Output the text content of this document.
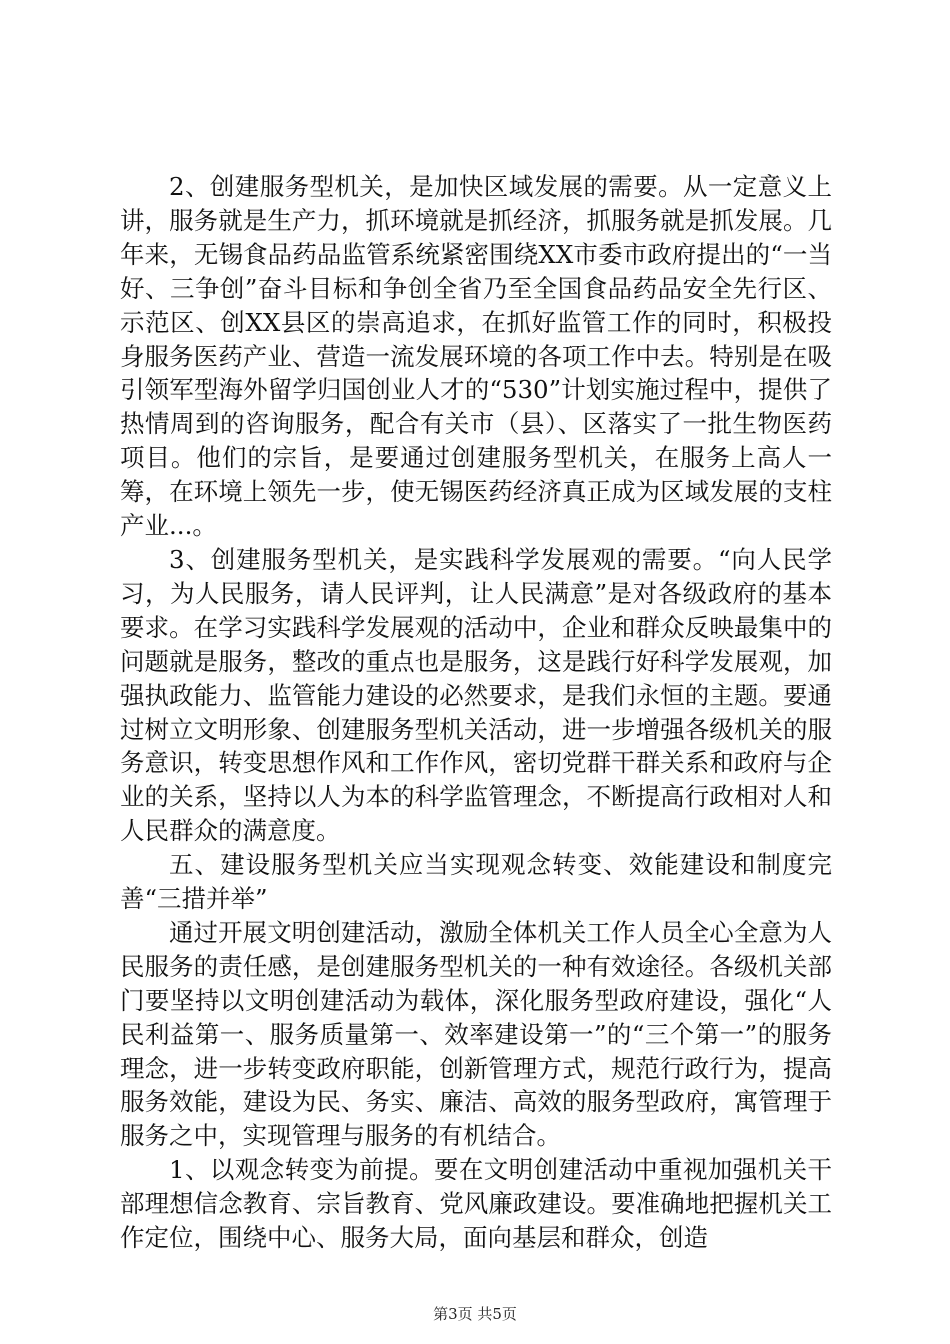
2、创建服务型机关，是加快区域发展的需要。从一定意义上讲，服务就是生产力，抓环境就是抓经济，抓服务就是抓发展。几年来，无锡食品药品监管系统紧密围绕XX市委市政府提出的“一当好、三争创”奋斗目标和争创全省乃至全国食品药品安全先行区、示范区、创XX县区的崇高追求，在抓好监管工作的同时，积极投身服务医药产业、营造一流发展环境的各项工作中去。特别是在吸引领军型海外留学归国创业人才的“530”计划实施过程中，提供了热情周到的咨询服务，配合有关市（县）、区落实了一批生物医药项目。他们的宗旨，是要通过创建服务型机关，在服务上高人一筹，在环境上领先一步，使无锡医药经济真正成为区域发展的支柱产业...。

3、创建服务型机关，是实践科学发展观的需要。“向人民学习，为人民服务，请人民评判，让人民满意”是对各级政府的基本要求。在学习实践科学发展观的活动中，企业和群众反映最集中的问题就是服务，整改的重点也是服务，这是践行好科学发展观，加强执政能力、监管能力建设的必然要求，是我们永恒的主题。要通过树立文明形象、创建服务型机关活动，进一步增强各级机关的服务意识，转变思想作风和工作作风，密切党群干群关系和政府与企业的关系，坚持以人为本的科学监管理念，不断提高行政相对人和人民群众的满意度。

五、建设服务型机关应当实现观念转变、效能建设和制度完善“三措并举”

通过开展文明创建活动，激励全体机关工作人员全心全意为人民服务的责任感，是创建服务型机关的一种有效途径。各级机关部门要坚持以文明创建活动为载体，深化服务型政府建设，强化“人民利益第一、服务质量第一、效率建设第一”的“三个第一”的服务理念，进一步转变政府职能，创新管理方式，规范行政行为，提高服务效能，建设为民、务实、廉洁、高效的服务型政府，寓管理于服务之中，实现管理与服务的有机结合。

1、以观念转变为前提。要在文明创建活动中重视加强机关干部理想信念教育、宗旨教育、党风廉政建设。要准确地把握机关工作定位，围绕中心、服务大局，面向基层和群众，创造

第3页 共5页
